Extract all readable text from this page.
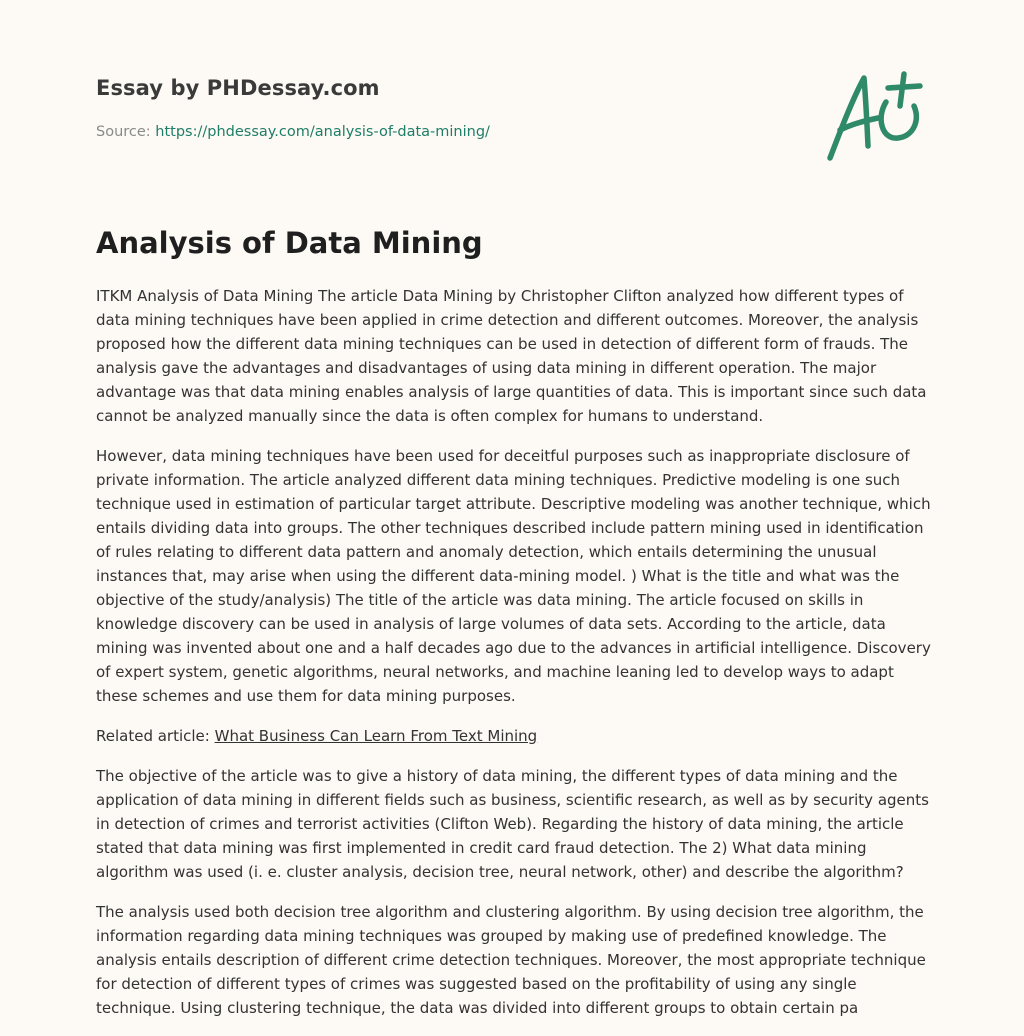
Essay by PHDessay.com
Source: https://phdessay.com/analysis-of-data-mining/
Analysis of Data Mining

ITKM Analysis of Data Mining The article Data Mining by Christopher Clifton analyzed how different types of data mining techniques have been applied in crime detection and different outcomes. Moreover, the analysis proposed how the different data mining techniques can be used in detection of different form of frauds. The analysis gave the advantages and disadvantages of using data mining in different operation. The major advantage was that data mining enables analysis of large quantities of data. This is important since such data cannot be analyzed manually since the data is often complex for humans to understand.

However, data mining techniques have been used for deceitful purposes such as inappropriate disclosure of private information. The article analyzed different data mining techniques. Predictive modeling is one such technique used in estimation of particular target attribute. Descriptive modeling was another technique, which entails dividing data into groups. The other techniques described include pattern mining used in identification of rules relating to different data pattern and anomaly detection, which entails determining the unusual instances that, may arise when using the different data-mining model. ) What is the title and what was the objective of the study/analysis) The title of the article was data mining. The article focused on skills in knowledge discovery can be used in analysis of large volumes of data sets. According to the article, data mining was invented about one and a half decades ago due to the advances in artificial intelligence. Discovery of expert system, genetic algorithms, neural networks, and machine leaning led to develop ways to adapt these schemes and use them for data mining purposes.

Related article: What Business Can Learn From Text Mining

The objective of the article was to give a history of data mining, the different types of data mining and the application of data mining in different fields such as business, scientific research, as well as by security agents in detection of crimes and terrorist activities (Clifton Web). Regarding the history of data mining, the article stated that data mining was first implemented in credit card fraud detection. The 2) What data mining algorithm was used (i. e. cluster analysis, decision tree, neural network, other) and describe the algorithm?

The analysis used both decision tree algorithm and clustering algorithm. By using decision tree algorithm, the information regarding data mining techniques was grouped by making use of predefined knowledge. The analysis entails description of different crime detection techniques. Moreover, the most appropriate technique for detection of different types of crimes was suggested based on the profitability of using any single technique. Using clustering technique, the data was divided into different groups to obtain certain pa
